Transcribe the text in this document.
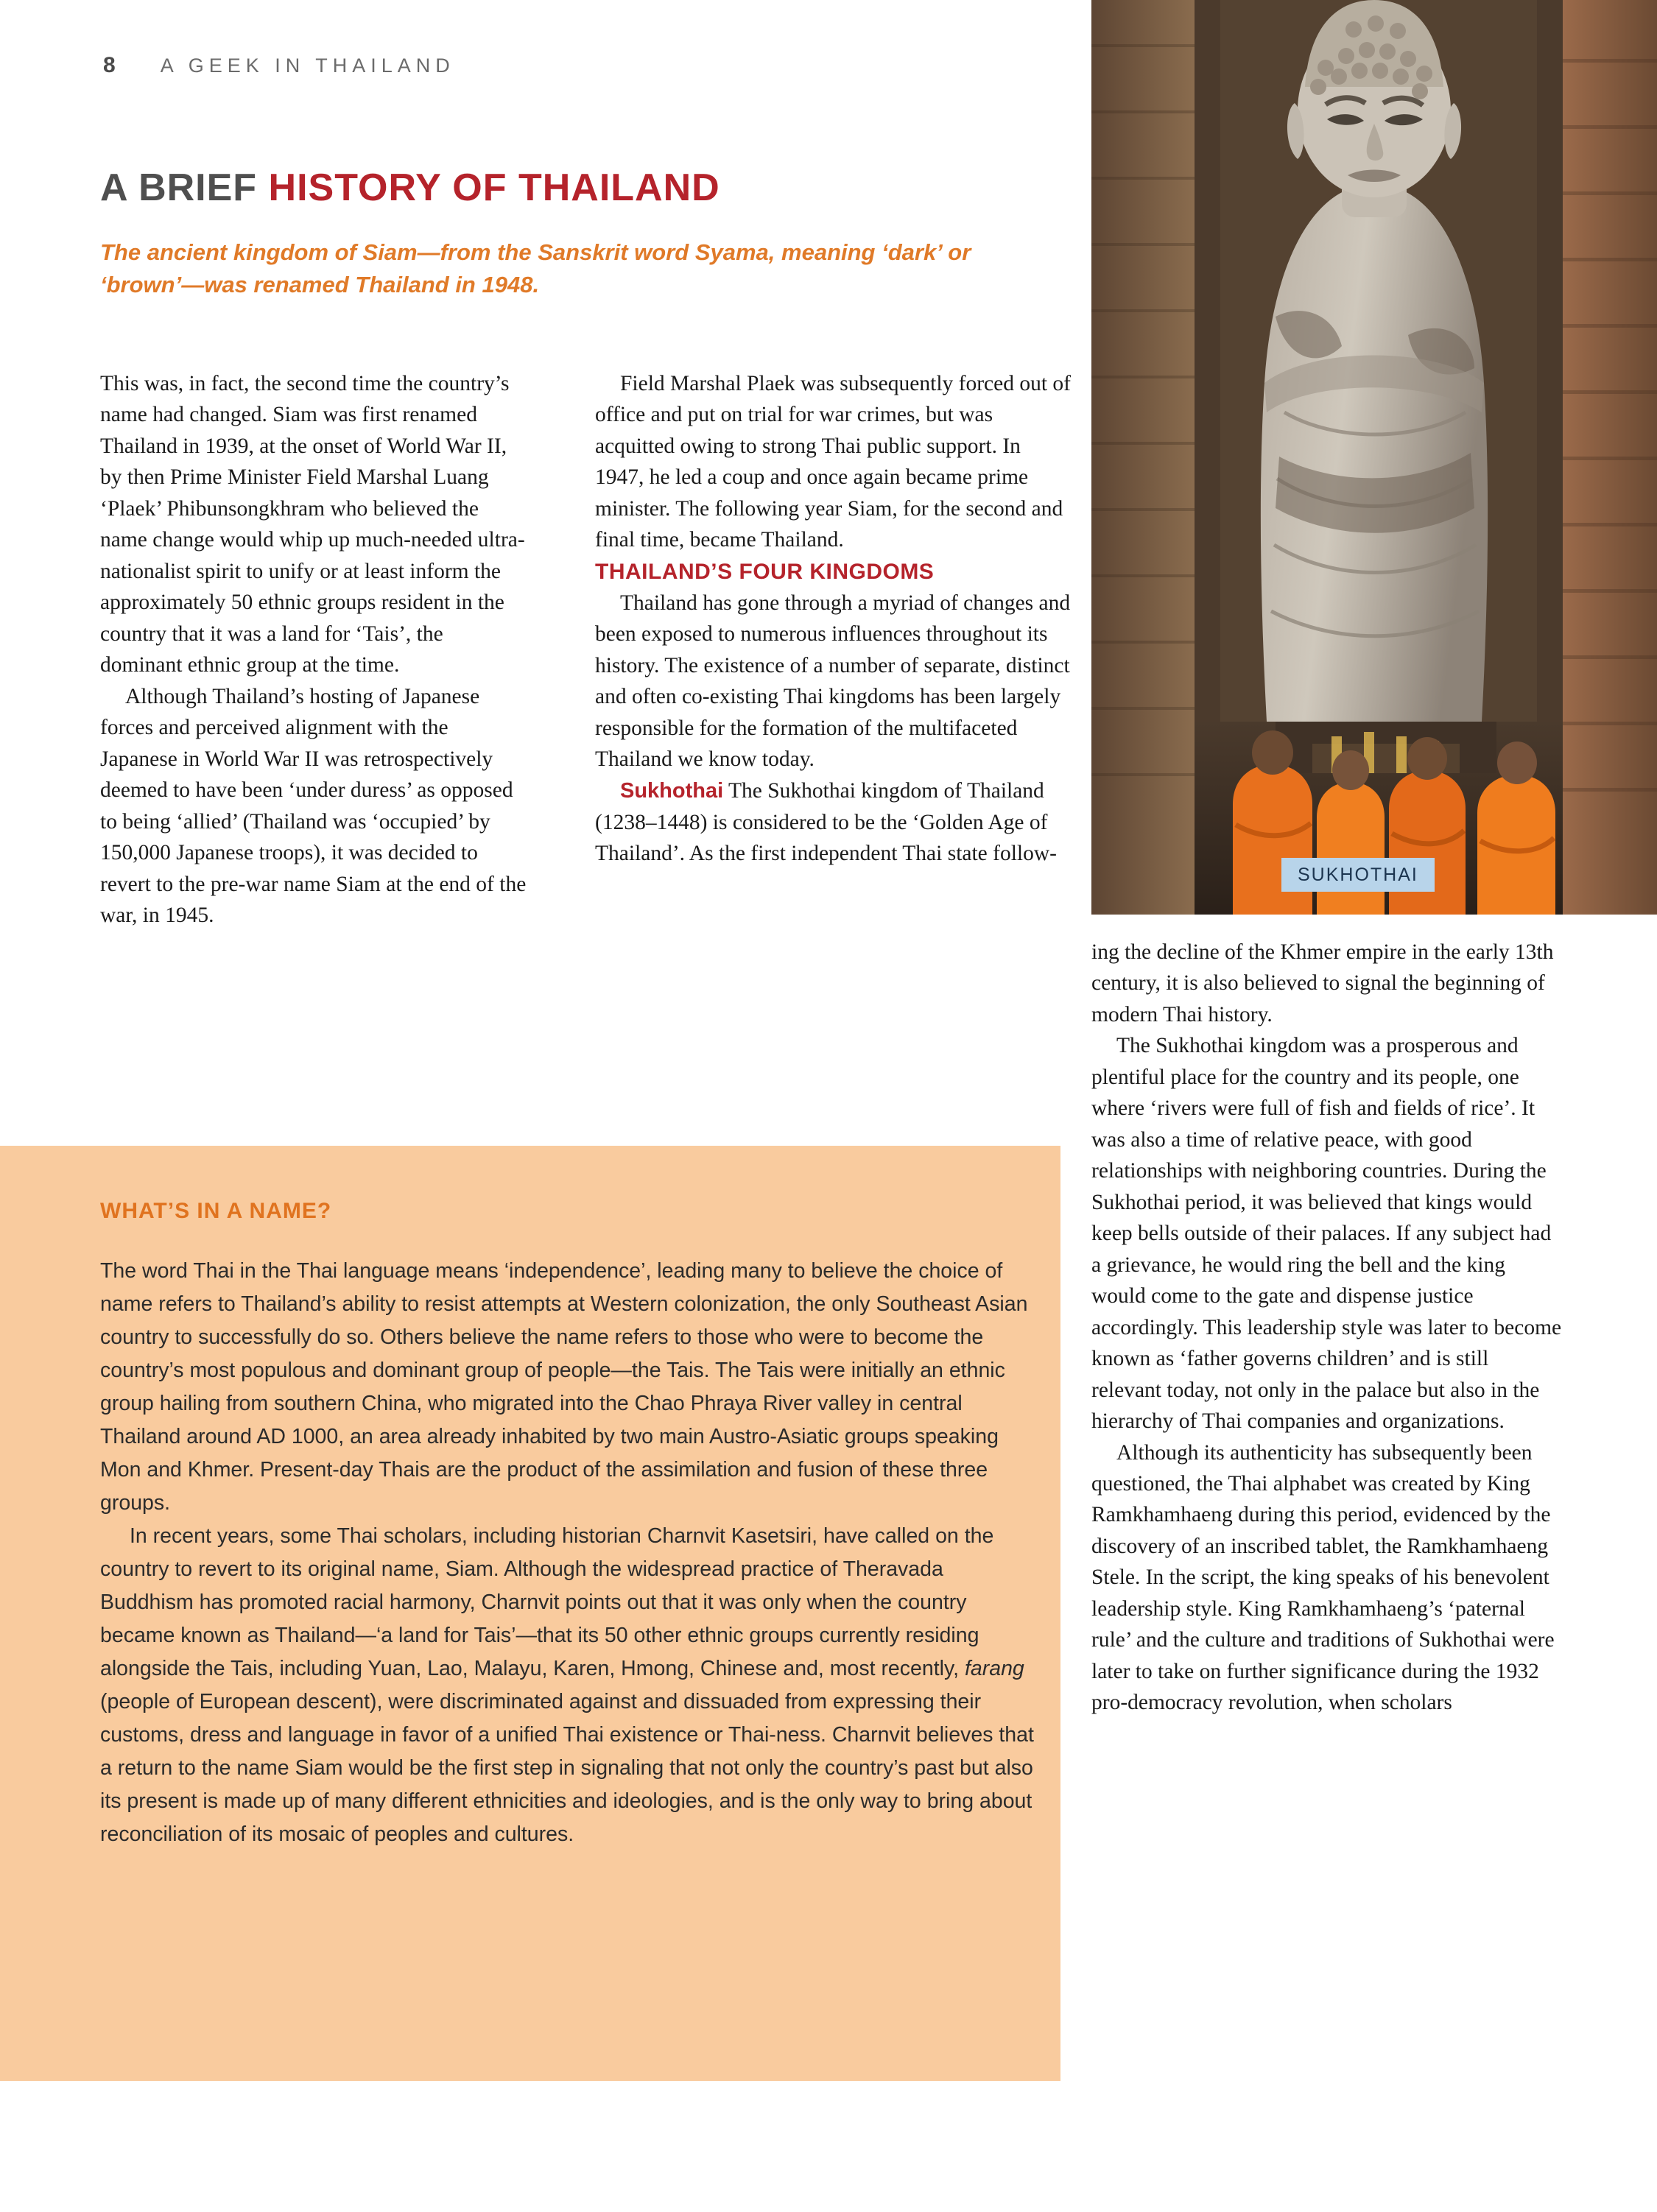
8 A GEEK IN THAILAND
A BRIEF HISTORY OF THAILAND

The ancient kingdom of Siam—from the Sanskrit word Syama, meaning ‘dark’ or ‘brown’—was renamed Thailand in 1948.

This was, in fact, the second time the country’s name had changed. Siam was first renamed Thailand in 1939, at the onset of World War II, by then Prime Minister Field Marshal Luang ‘Plaek’ Phibunsongkhram who believed the name change would whip up much-needed ultra-nationalist spirit to unify or at least inform the approximately 50 ethnic groups resident in the country that it was a land for ‘Tais’, the dominant ethnic group at the time.

Although Thailand’s hosting of Japanese forces and perceived alignment with the Japanese in World War II was retrospectively deemed to have been ‘under duress’ as opposed to being ‘allied’ (Thailand was ‘occupied’ by 150,000 Japanese troops), it was decided to revert to the pre-war name Siam at the end of the war, in 1945.

Field Marshal Plaek was subsequently forced out of office and put on trial for war crimes, but was acquitted owing to strong Thai public support. In 1947, he led a coup and once again became prime minister. The following year Siam, for the second and final time, became Thailand.

THAILAND’S FOUR KINGDOMS

Thailand has gone through a myriad of changes and been exposed to numerous influences throughout its history. The existence of a number of separate, distinct and often co-existing Thai kingdoms has been largely responsible for the formation of the multifaceted Thailand we know today.

Sukhothai The Sukhothai kingdom of Thailand (1238–1448) is considered to be the ‘Golden Age of Thailand’. As the first independent Thai state follow-

SUKHOTHAI

ing the decline of the Khmer empire in the early 13th century, it is also believed to signal the beginning of modern Thai history.

The Sukhothai kingdom was a prosperous and plentiful place for the country and its people, one where ‘rivers were full of fish and fields of rice’. It was also a time of relative peace, with good relationships with neighboring countries. During the Sukhothai period, it was believed that kings would keep bells outside of their palaces. If any subject had a grievance, he would ring the bell and the king would come to the gate and dispense justice accordingly. This leadership style was later to become known as ‘father governs children’ and is still relevant today, not only in the palace but also in the hierarchy of Thai companies and organizations.

Although its authenticity has subsequently been questioned, the Thai alphabet was created by King Ramkhamhaeng during this period, evidenced by the discovery of an inscribed tablet, the Ramkhamhaeng Stele. In the script, the king speaks of his benevolent leadership style. King Ramkhamhaeng’s ‘paternal rule’ and the culture and traditions of Sukhothai were later to take on further significance during the 1932 pro-democracy revolution, when scholars

WHAT’S IN A NAME?

The word Thai in the Thai language means ‘independence’, leading many to believe the choice of name refers to Thailand’s ability to resist attempts at Western colonization, the only Southeast Asian country to successfully do so. Others believe the name refers to those who were to become the country’s most populous and dominant group of people—the Tais. The Tais were initially an ethnic group hailing from southern China, who migrated into the Chao Phraya River valley in central Thailand around AD 1000, an area already inhabited by two main Austro-Asiatic groups speaking Mon and Khmer. Present-day Thais are the product of the assimilation and fusion of these three groups.

In recent years, some Thai scholars, including historian Charnvit Kasetsiri, have called on the country to revert to its original name, Siam. Although the widespread practice of Theravada Buddhism has promoted racial harmony, Charnvit points out that it was only when the country became known as Thailand—‘a land for Tais’—that its 50 other ethnic groups currently residing alongside the Tais, including Yuan, Lao, Malayu, Karen, Hmong, Chinese and, most recently, farang (people of European descent), were discriminated against and dissuaded from expressing their customs, dress and language in favor of a unified Thai existence or Thai-ness. Charnvit believes that a return to the name Siam would be the first step in signaling that not only the country’s past but also its present is made up of many different ethnicities and ideologies, and is the only way to bring about reconciliation of its mosaic of peoples and cultures.
